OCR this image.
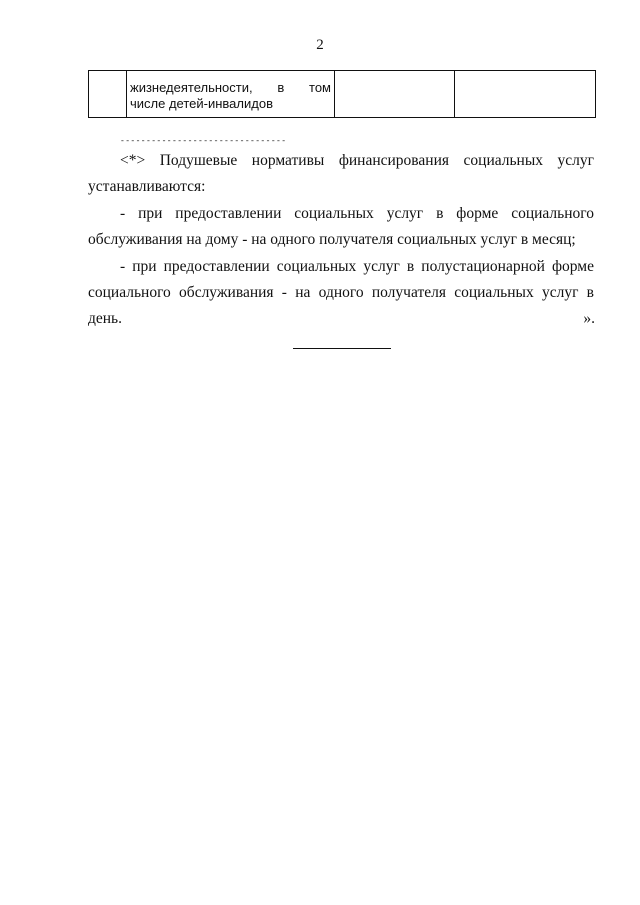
2

жизнедеятельности, в том
числе детей-инвалидов

--------------------------------
<*> Подушевые нормативы финансирования социальных услуг
устанавливаются:
- при предоставлении социальных услуг в форме социального
обслуживания на дому - на одного получателя социальных услуг в месяц;
- при предоставлении социальных услуг в полустационарной форме
социального обслуживания - на одного получателя социальных услуг в день.	».
